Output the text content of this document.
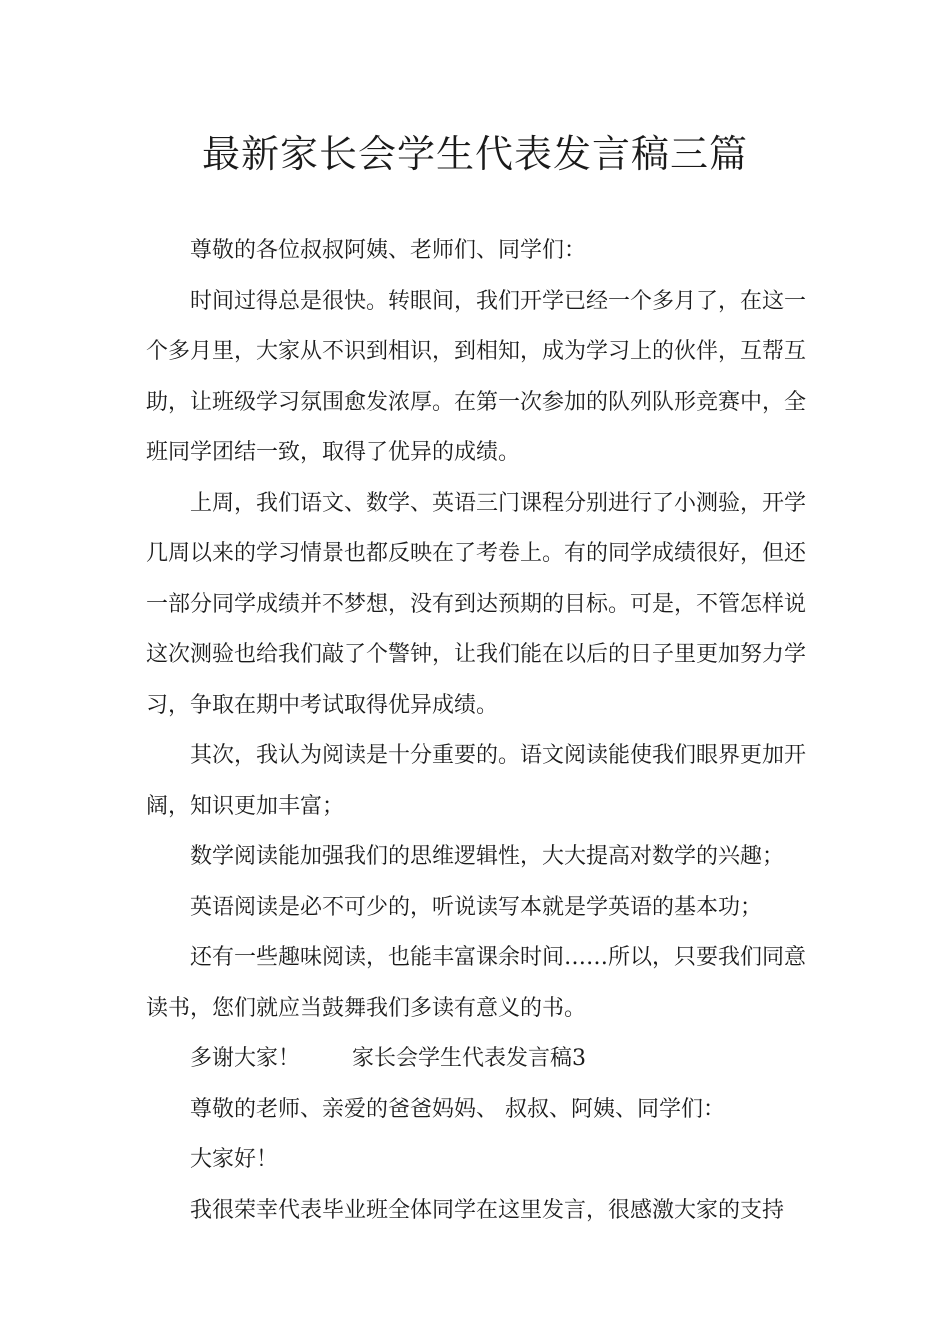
最新家长会学生代表发言稿三篇

尊敬的各位叔叔阿姨、老师们、同学们：

时间过得总是很快。转眼间，我们开学已经一个多月了，在这一个多月里，大家从不识到相识，到相知，成为学习上的伙伴，互帮互助，让班级学习氛围愈发浓厚。在第一次参加的队列队形竞赛中，全班同学团结一致，取得了优异的成绩。

上周，我们语文、数学、英语三门课程分别进行了小测验，开学几周以来的学习情景也都反映在了考卷上。有的同学成绩很好，但还一部分同学成绩并不梦想，没有到达预期的目标。可是，不管怎样说这次测验也给我们敲了个警钟，让我们能在以后的日子里更加努力学习，争取在期中考试取得优异成绩。

其次，我认为阅读是十分重要的。语文阅读能使我们眼界更加开阔，知识更加丰富；

数学阅读能加强我们的思维逻辑性，大大提高对数学的兴趣；

英语阅读是必不可少的，听说读写本就是学英语的基本功；

还有一些趣味阅读，也能丰富课余时间……所以，只要我们同意读书，您们就应当鼓舞我们多读有意义的书。

多谢大家！ 家长会学生代表发言稿3

尊敬的老师、亲爱的爸爸妈妈、 叔叔、阿姨、同学们：

大家好！

我很荣幸代表毕业班全体同学在这里发言，很感激大家的支持
